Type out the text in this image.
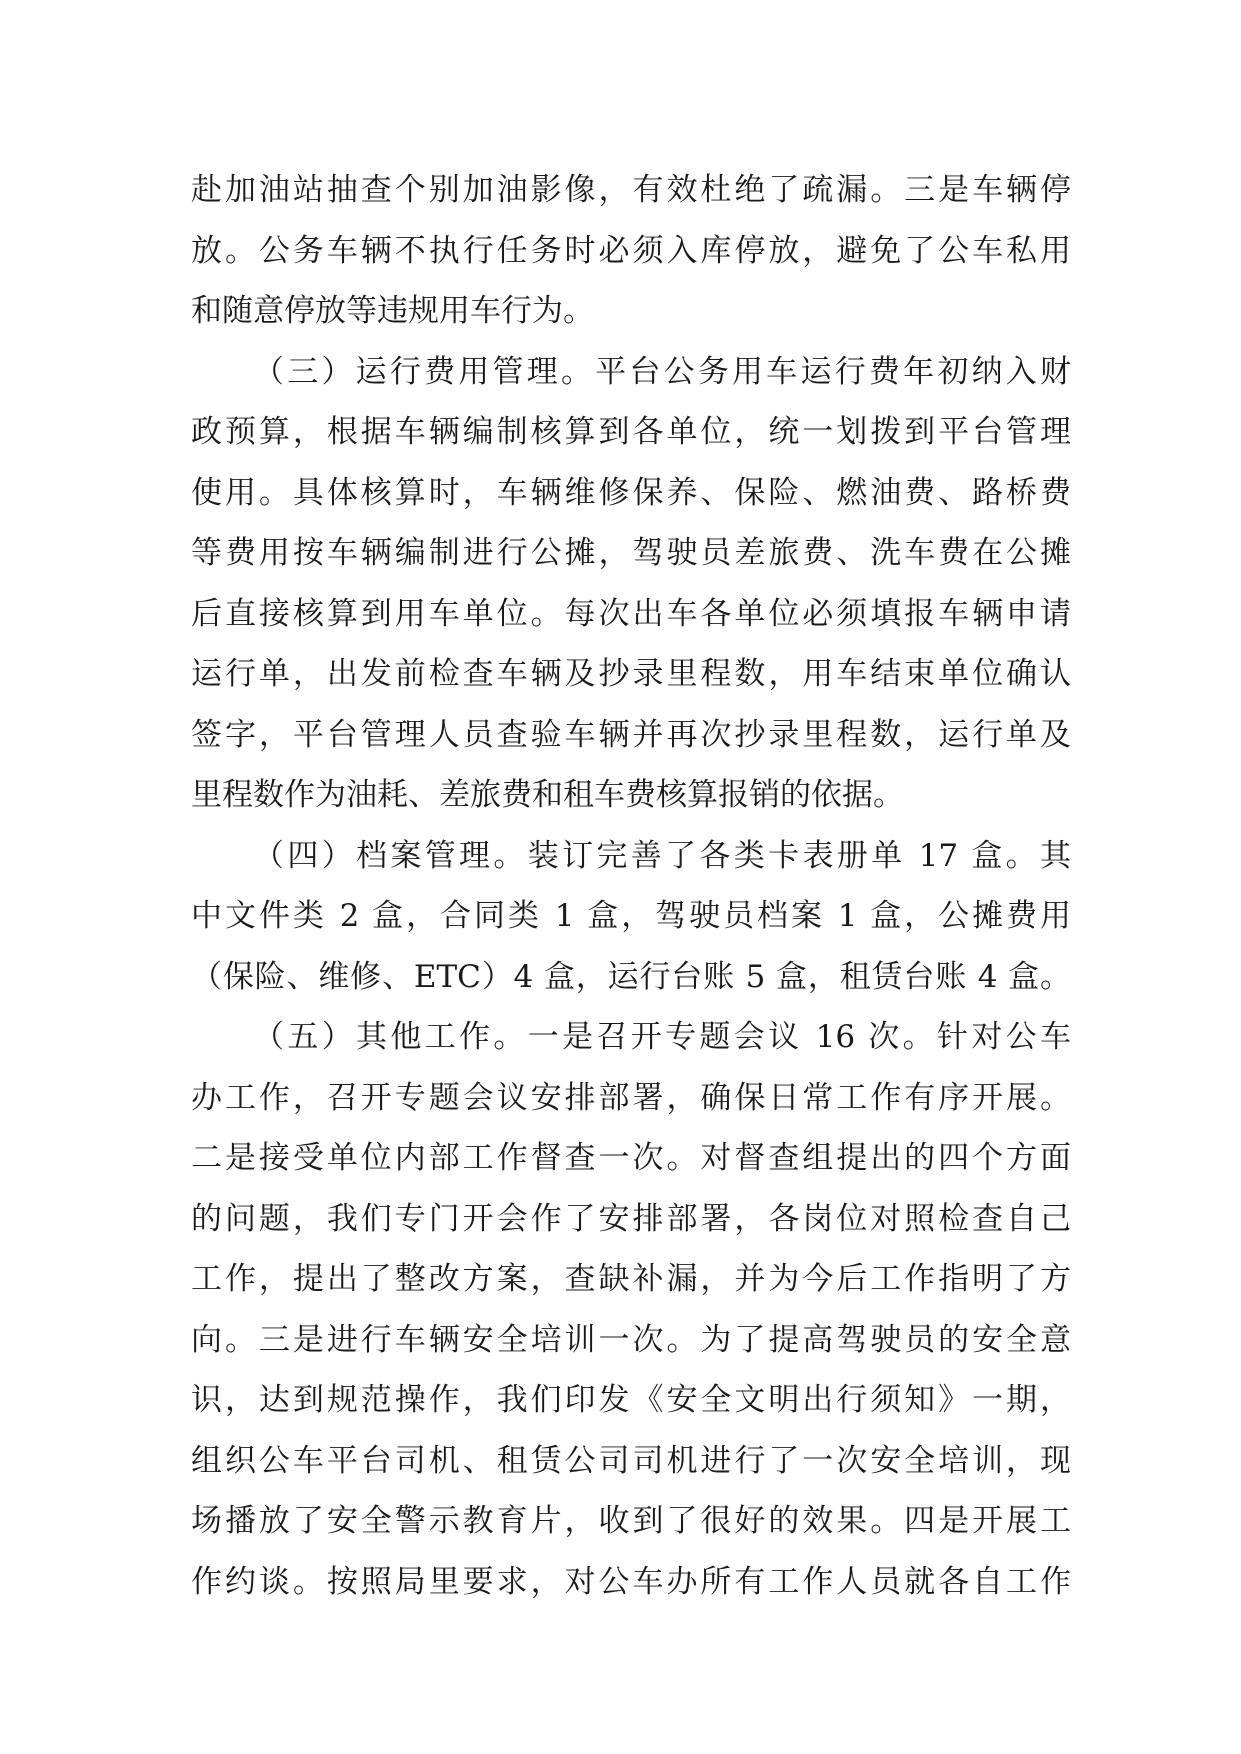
赴加油站抽查个别加油影像，有效杜绝了疏漏。三是车辆停
放。公务车辆不执行任务时必须入库停放，避免了公车私用
和随意停放等违规用车行为。
（三）运行费用管理。平台公务用车运行费年初纳入财
政预算，根据车辆编制核算到各单位，统一划拨到平台管理
使用。具体核算时，车辆维修保养、保险、燃油费、路桥费
等费用按车辆编制进行公摊，驾驶员差旅费、洗车费在公摊
后直接核算到用车单位。每次出车各单位必须填报车辆申请
运行单，出发前检查车辆及抄录里程数，用车结束单位确认
签字，平台管理人员查验车辆并再次抄录里程数，运行单及
里程数作为油耗、差旅费和租车费核算报销的依据。
（四）档案管理。装订完善了各类卡表册单 17 盒。其
中文件类 2 盒，合同类 1 盒，驾驶员档案 1 盒，公摊费用
（保险、维修、ETC）4 盒，运行台账 5 盒，租赁台账 4 盒。
（五）其他工作。一是召开专题会议 16 次。针对公车
办工作，召开专题会议安排部署，确保日常工作有序开展。
二是接受单位内部工作督查一次。对督查组提出的四个方面
的问题，我们专门开会作了安排部署，各岗位对照检查自己
工作，提出了整改方案，查缺补漏，并为今后工作指明了方
向。三是进行车辆安全培训一次。为了提高驾驶员的安全意
识，达到规范操作，我们印发《安全文明出行须知》一期，
组织公车平台司机、租赁公司司机进行了一次安全培训，现
场播放了安全警示教育片，收到了很好的效果。四是开展工
作约谈。按照局里要求，对公车办所有工作人员就各自工作
